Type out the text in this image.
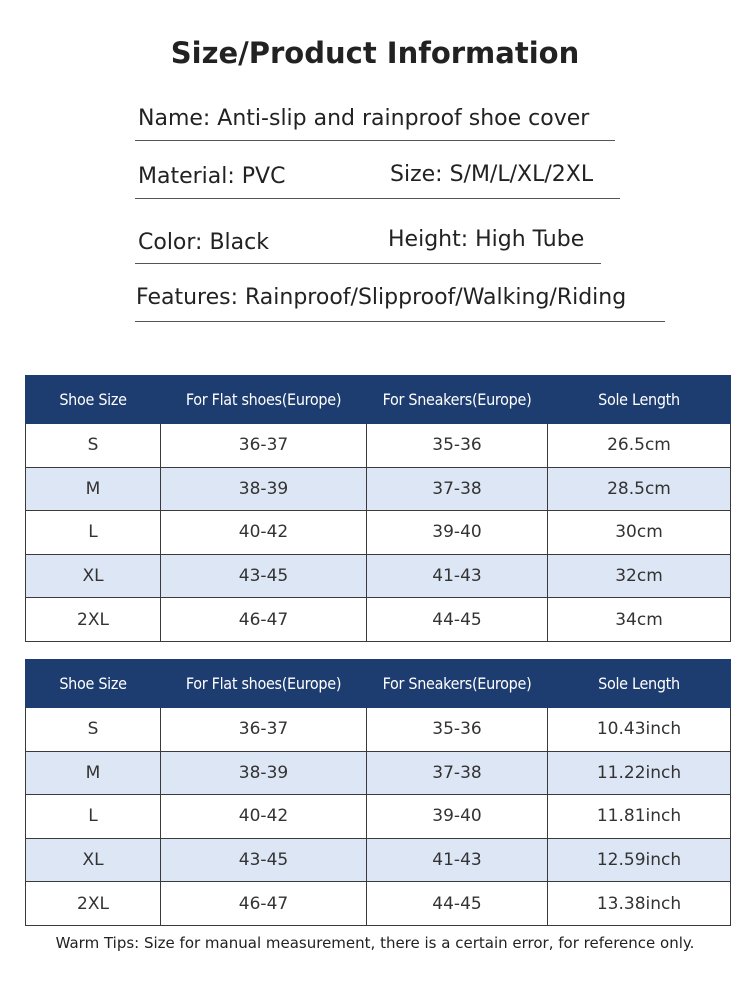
Size/Product Information
Name: Anti-slip and rainproof shoe cover
Material: PVC	Size: S/M/L/XL/2XL
Color: Black	Height: High Tube
Features: Rainproof/Slipproof/Walking/Riding
Shoe Size	For Flat shoes(Europe)	For Sneakers(Europe)	Sole Length
S	36-37	35-36	26.5cm
M	38-39	37-38	28.5cm
L	40-42	39-40	30cm
XL	43-45	41-43	32cm
2XL	46-47	44-45	34cm
Shoe Size	For Flat shoes(Europe)	For Sneakers(Europe)	Sole Length
S	36-37	35-36	10.43inch
M	38-39	37-38	11.22inch
L	40-42	39-40	11.81inch
XL	43-45	41-43	12.59inch
2XL	46-47	44-45	13.38inch
Warm Tips: Size for manual measurement, there is a certain error, for reference only.
